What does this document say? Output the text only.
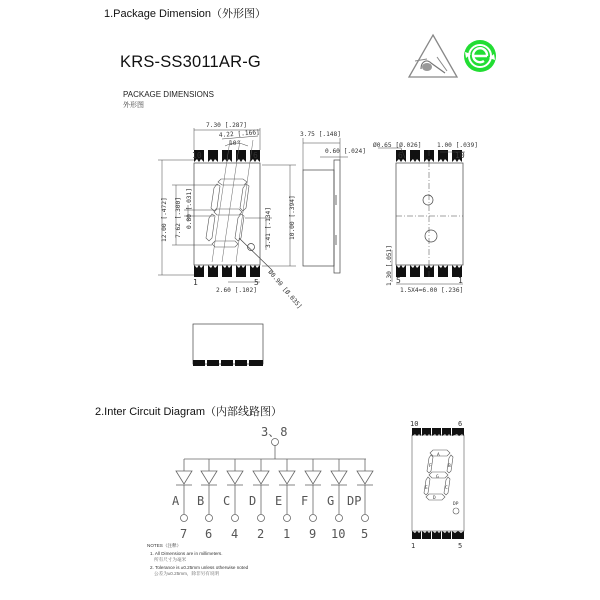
1.Package Dimension（外形图）
KRS-SS3011AR-G
PACKAGE DIMENSIONS
外形图
10	6
1	5
7.30 [.287]
4.22 [.166]
10°
12.00 [.472] 7.62 [.300] 0.80 [.031]	3.41 [.134]	10.00 [.394]
Ø0.90 [Ø.035]
2.60 [.102]
3.75 [.148]
0.60 [.024]
Ø0.65 [Ø.026]	1.00 [.039]
1.30 [.051]
1.5X4=6.00 [.236]
6	10
5	1
3、8
A B C D E F G DP
7 6 4 2 1 9 10 5
10	6
1	5
A
B
C
D
E
F
G
DP
2.Inter Circuit Diagram（内部线路图）
NOTES（注释）
1. All Dimensions are in millimeters.
所有尺寸为毫米
2. Tolerance is ±0.25mm unless otherwise noted
公差为±0.25mm，除非另有说明
